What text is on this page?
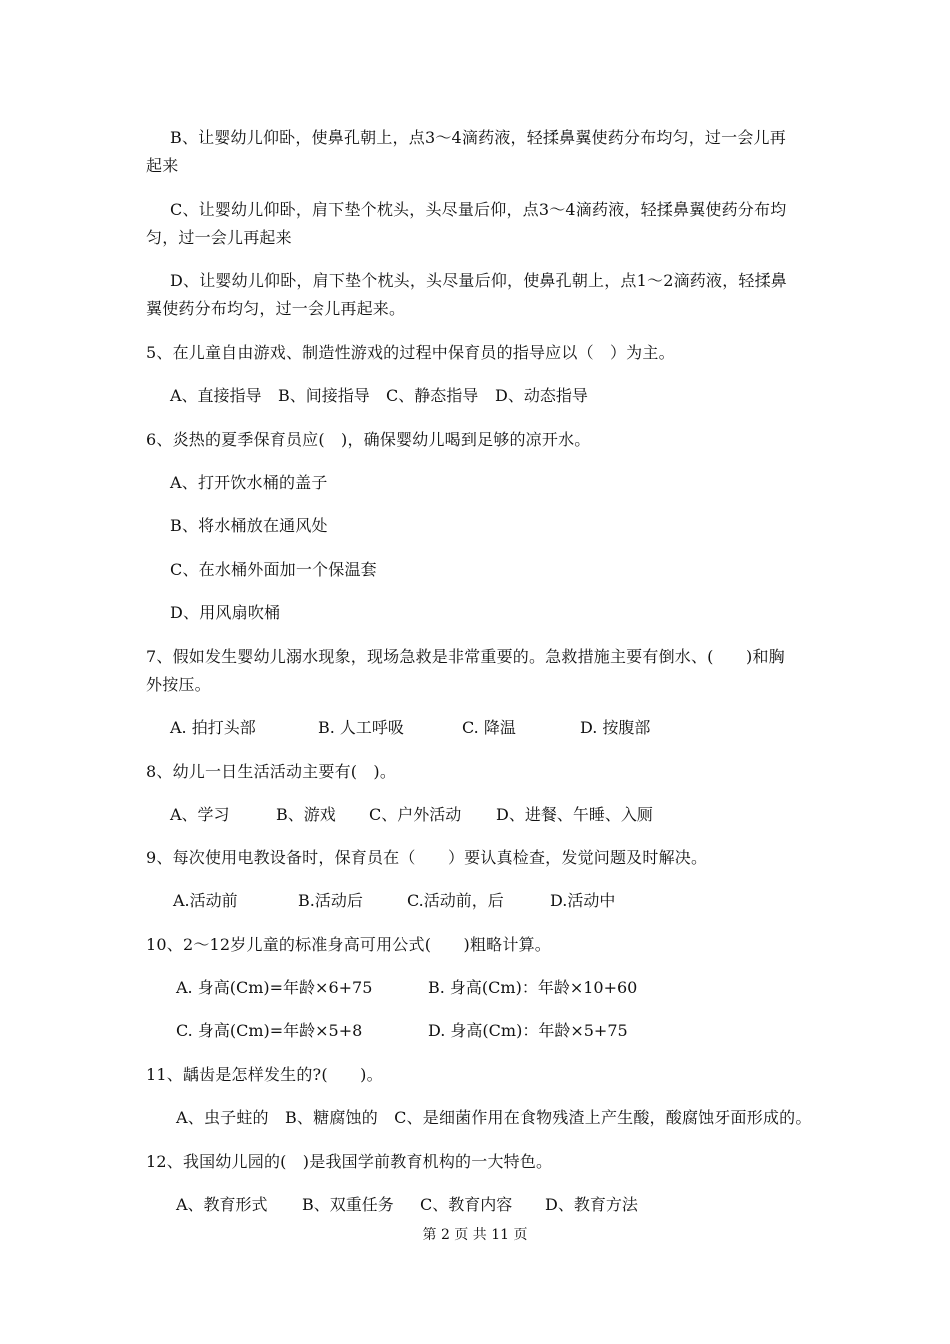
B、让婴幼儿仰卧，使鼻孔朝上，点3～4滴药液，轻揉鼻翼使药分布均匀，过一会儿再
起来
C、让婴幼儿仰卧，肩下垫个枕头，头尽量后仰，点3～4滴药液，轻揉鼻翼使药分布均
匀，过一会儿再起来
D、让婴幼儿仰卧，肩下垫个枕头，头尽量后仰，使鼻孔朝上，点1～2滴药液，轻揉鼻
翼使药分布均匀，过一会儿再起来。
5、在儿童自由游戏、制造性游戏的过程中保育员的指导应以（　）为主。
A、直接指导 B、间接指导 C、静态指导 D、动态指导
6、炎热的夏季保育员应(　)，确保婴幼儿喝到足够的凉开水。
A、打开饮水桶的盖子
B、将水桶放在通风处
C、在水桶外面加一个保温套
D、用风扇吹桶
7、假如发生婴幼儿溺水现象，现场急救是非常重要的。急救措施主要有倒水、(　　)和胸
外按压。
A. 拍打头部	B. 人工呼吸	C. 降温	D. 按腹部
8、幼儿一日生活活动主要有(　)。
A、学习	B、游戏 C、户外活动 D、进餐、午睡、入厕
9、每次使用电教设备时，保育员在（　　）要认真检查，发觉问题及时解决。
A.活动前	B.活动后	C.活动前，后	D.活动中
10、2～12岁儿童的标准身高可用公式(　　)粗略计算。
A. 身高(Cm)=年龄×6+75	B. 身高(Cm)：年龄×10+60
C. 身高(Cm)=年龄×5+8	D. 身高(Cm)：年龄×5+75
11、龋齿是怎样发生的?(　　)。
A、虫子蛀的　B、糖腐蚀的　C、是细菌作用在食物残渣上产生酸，酸腐蚀牙面形成的。
12、我国幼儿园的(　)是我国学前教育机构的一大特色。
A、教育形式 B、双重任务 C、教育内容 D、教育方法
第 2 页 共 11 页
